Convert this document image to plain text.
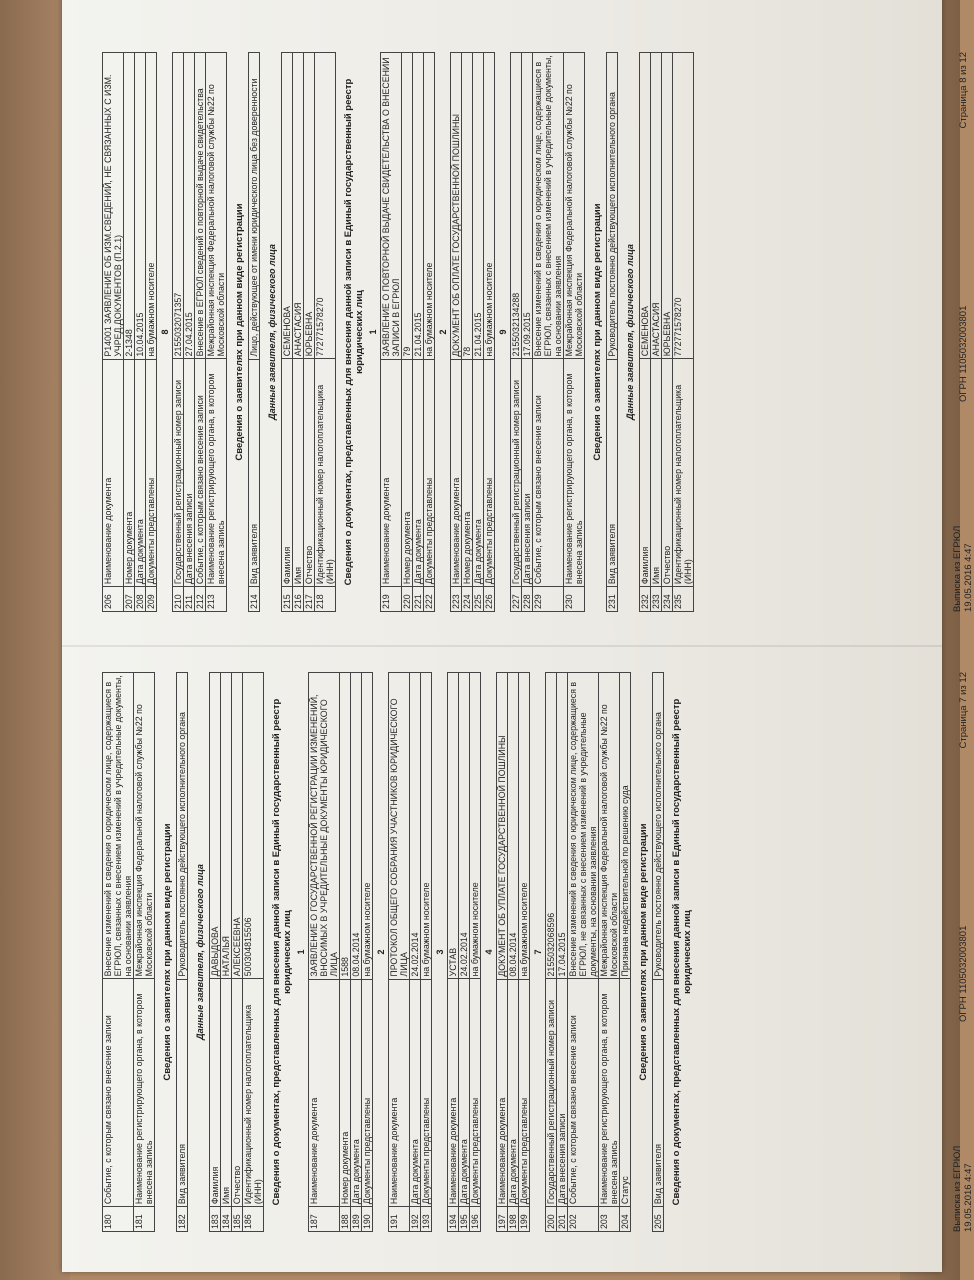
180	Событие, с которым связано внесение записи	Внесение изменений в сведения о юридическом лице, содержащиеся в ЕГРЮЛ, связанных с внесением изменений в учредительные документы, на основании заявления
181	Наименование регистрирующего органа, в котором внесена запись	Межрайонная инспекция Федеральной налоговой службы №22 по Московской области Сведения о заявителях при данном виде регистрации
182	Вид заявителя	Руководитель постоянно действующего исполнительного органа Данные заявителя, физического лица
183	Фамилия	ДАВЫДОВА
184	Имя	НАТАЛЬЯ
185	Отчество	АЛЕКСЕЕВНА
186	Идентификационный номер налогоплательщика (ИНН)	500304815506 Сведения о документах, представленных для внесения данной записи в Единый государственный реестр юридических лиц 1
187	Наименование документа	ЗАЯВЛЕНИЕ О ГОСУДАРСТВЕННОЙ РЕГИСТРАЦИИ ИЗМЕНЕНИЙ, ВНОСИМЫХ В УЧРЕДИТЕЛЬНЫЕ ДОКУМЕНТЫ ЮРИДИЧЕСКОГО ЛИЦА
188	Номер документа	1588
189	Дата документа	08.04.2014
190	Документы представлены	на бумажном носителе 2
191	Наименование документа	ПРОТОКОЛ ОБЩЕГО СОБРАНИЯ УЧАСТНИКОВ ЮРИДИЧЕСКОГО ЛИЦА
192	Дата документа	24.02.2014
193	Документы представлены	на бумажном носителе 3
194	Наименование документа	УСТАВ
195	Дата документа	24.02.2014
196	Документы представлены	на бумажном носителе 4
197	Наименование документа	ДОКУМЕНТ ОБ УПЛАТЕ ГОСУДАРСТВЕННОЙ ПОШЛИНЫ
198	Дата документа	08.04.2014
199	Документы представлены	на бумажном носителе 7
200	Государственный регистрационный номер записи	2155032068596
201	Дата внесения записи	17.04.2015
202	Событие, с которым связано внесение записи	Внесение изменений в сведения о юридическом лице, содержащиеся в ЕГРЮЛ, не связанных с внесением изменений в учредительные документы, на основании заявления
203	Наименование регистрирующего органа, в котором внесена запись	Межрайонная инспекция Федеральной налоговой службы №22 по Московской области
204	Статус	Признана недействительной по решению суда Сведения о заявителях при данном виде регистрации
205	Вид заявителя	Руководитель постоянно действующего исполнительного органа Сведения о документах, представленных для внесения данной записи в Единый государственный реестр юридических лиц
Выписка из ЕГРЮЛ 19.05.2016 4:47
ОГРН 1105032003801
Страница 7 из 12
206	Наименование документа	Р14001 ЗАЯВЛЕНИЕ ОБ ИЗМ.СВЕДЕНИЙ, НЕ СВЯЗАННЫХ С ИЗМ. УЧРЕД.ДОКУМЕНТОВ (П.2.1)
207	Номер документа	2-1348
208	Дата документа	10.04.2015
209	Документы представлены	на бумажном носителе 8
210	Государственный регистрационный номер записи	2155032071357
211	Дата внесения записи	27.04.2015
212	Событие, с которым связано внесение записи	Внесение в ЕГРЮЛ сведений о повторной выдаче свидетельства
213	Наименование регистрирующего органа, в котором внесена запись	Межрайонная инспекция Федеральной налоговой службы №22 по Московской области Сведения о заявителях при данном виде регистрации
214	Вид заявителя	Лицо, действующее от имени юридического лица без доверенности Данные заявителя, физического лица
215	Фамилия	СЕМЕНОВА
216	Имя	АНАСТАСИЯ
217	Отчество	ЮРЬЕВНА
218	Идентификационный номер налогоплательщика (ИНН)	772771578270 Сведения о документах, представленных для внесения данной записи в Единый государственный реестр юридических лиц 1
219	Наименование документа	ЗАЯВЛЕНИЕ О ПОВТОРНОЙ ВЫДАЧЕ СВИДЕТЕЛЬСТВА О ВНЕСЕНИИ ЗАПИСИ В ЕГРЮЛ
220	Номер документа	79
221	Дата документа	21.04.2015
222	Документы представлены	на бумажном носителе 2
223	Наименование документа	ДОКУМЕНТ ОБ ОПЛАТЕ ГОСУДАРСТВЕННОЙ ПОШЛИНЫ
224	Номер документа	78
225	Дата документа	21.04.2015
226	Документы представлены	на бумажном носителе 9
227	Государственный регистрационный номер записи	2155032134288
228	Дата внесения записи	17.09.2015
229	Событие, с которым связано внесение записи	Внесение изменений в сведения о юридическом лице, содержащиеся в ЕГРЮЛ, связанных с внесением изменений в учредительные документы, на основании заявления
230	Наименование регистрирующего органа, в котором внесена запись	Межрайонная инспекция Федеральной налоговой службы №22 по Московской области Сведения о заявителях при данном виде регистрации
231	Вид заявителя	Руководитель постоянно действующего исполнительного органа Данные заявителя, физического лица
232	Фамилия	СЕМЕНОВА
233	Имя	АНАСТАСИЯ
234	Отчество	ЮРЬЕВНА
235	Идентификационный номер налогоплательщика (ИНН)	772771578270
Выписка из ЕГРЮЛ 19.05.2016 4:47
ОГРН 1105032003801
Страница 8 из 12
